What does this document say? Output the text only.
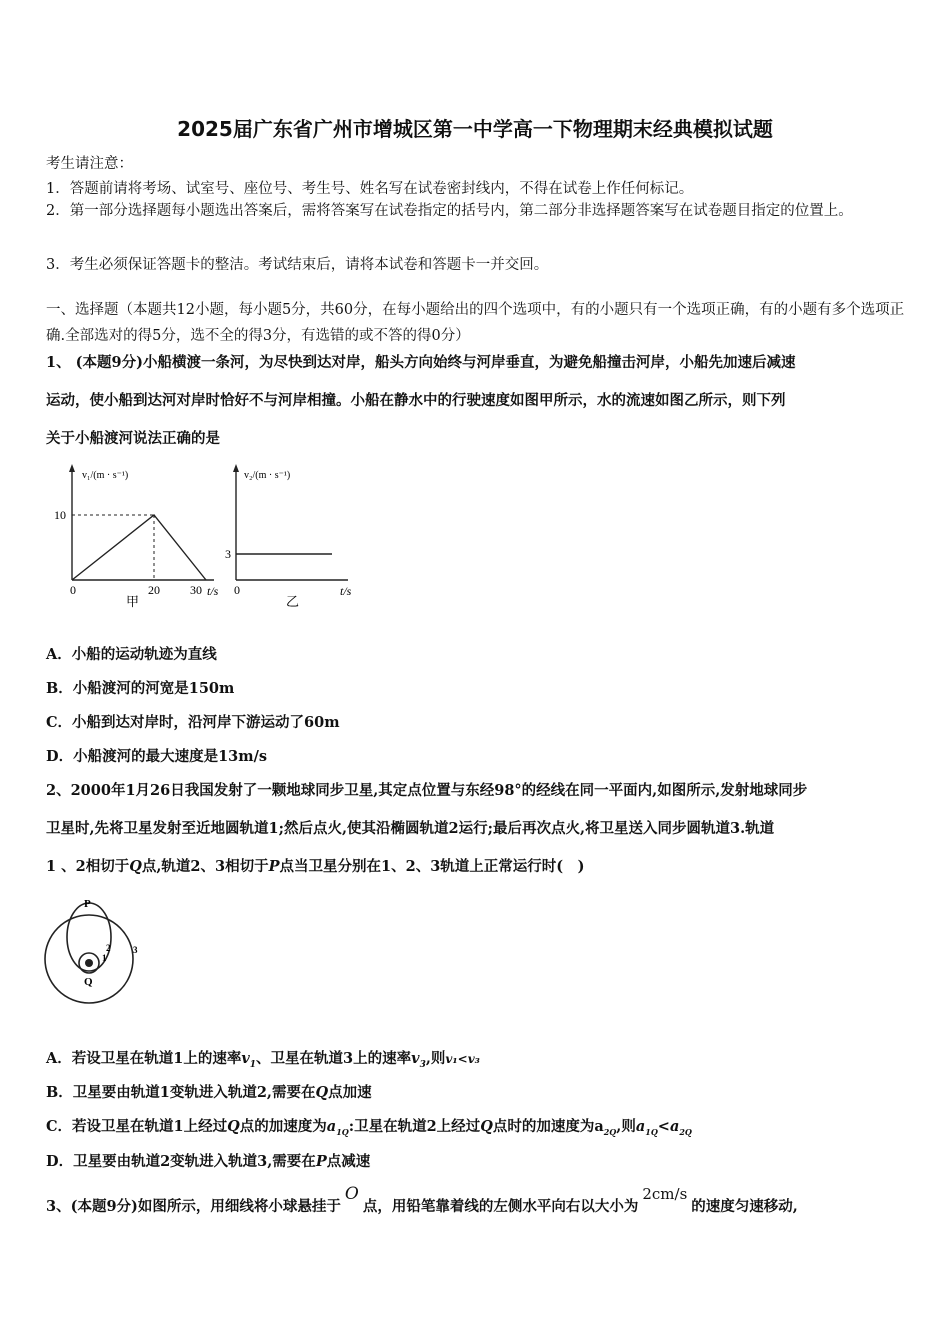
2025届广东省广州市增城区第一中学高一下物理期末经典模拟试题
考生请注意：
1．答题前请将考场、试室号、座位号、考生号、姓名写在试卷密封线内，不得在试卷上作任何标记。
2．第一部分选择题每小题选出答案后，需将答案写在试卷指定的括号内，第二部分非选择题答案写在试卷题目指定的位置上。
3．考生必须保证答题卡的整洁。考试结束后，请将本试卷和答题卡一并交回。
一、选择题（本题共12小题，每小题5分，共60分，在每小题给出的四个选项中，有的小题只有一个选项正确，有的小题有多个选项正确.全部选对的得5分，选不全的得3分，有选错的或不答的得0分）
1、 (本题9分)小船横渡一条河，为尽快到达对岸，船头方向始终与河岸垂直，为避免船撞击河岸，小船先加速后减速
运动，使小船到达河对岸时恰好不与河岸相撞。小船在静水中的行驶速度如图甲所示，水的流速如图乙所示，则下列
关于小船渡河说法正确的是
v₁/(m · s⁻¹)
10
0	20	30 t/s
甲
v₂/(m · s⁻¹)
3
0	t/s
乙
A．小船的运动轨迹为直线
B．小船渡河的河宽是150m
C．小船到达对岸时，沿河岸下游运动了60m
D．小船渡河的最大速度是13m/s
2、2000年1月26日我国发射了一颗地球同步卫星,其定点位置与东经98°的经线在同一平面内,如图所示,发射地球同步
卫星时,先将卫星发射至近地圆轨道1;然后点火,使其沿椭圆轨道2运行;最后再次点火,将卫星送入同步圆轨道3.轨道
1 、2相切于Q点,轨道2、3相切于P点当卫星分别在1、2、3轨道上正常运行时(　)
P
Q
1
2	3
A．若设卫星在轨道1上的速率$v_1$、卫星在轨道3上的速率$v_3$,则v₁<v₃
B．卫星要由轨道1变轨进入轨道2,需要在Q点加速
C．若设卫星在轨道1上经过Q点的加速度为$a_{1Q}$:卫星在轨道2上经过Q点时的加速度为$a_{2Q}$,则$a_{1Q}<a_{2Q}$
D．卫星要由轨道2变轨进入轨道3,需要在P点减速
3、(本题9分)如图所示，用细线将小球悬挂于O点，用铅笔靠着线的左侧水平向右以大小为2cm/s的速度匀速移动,
